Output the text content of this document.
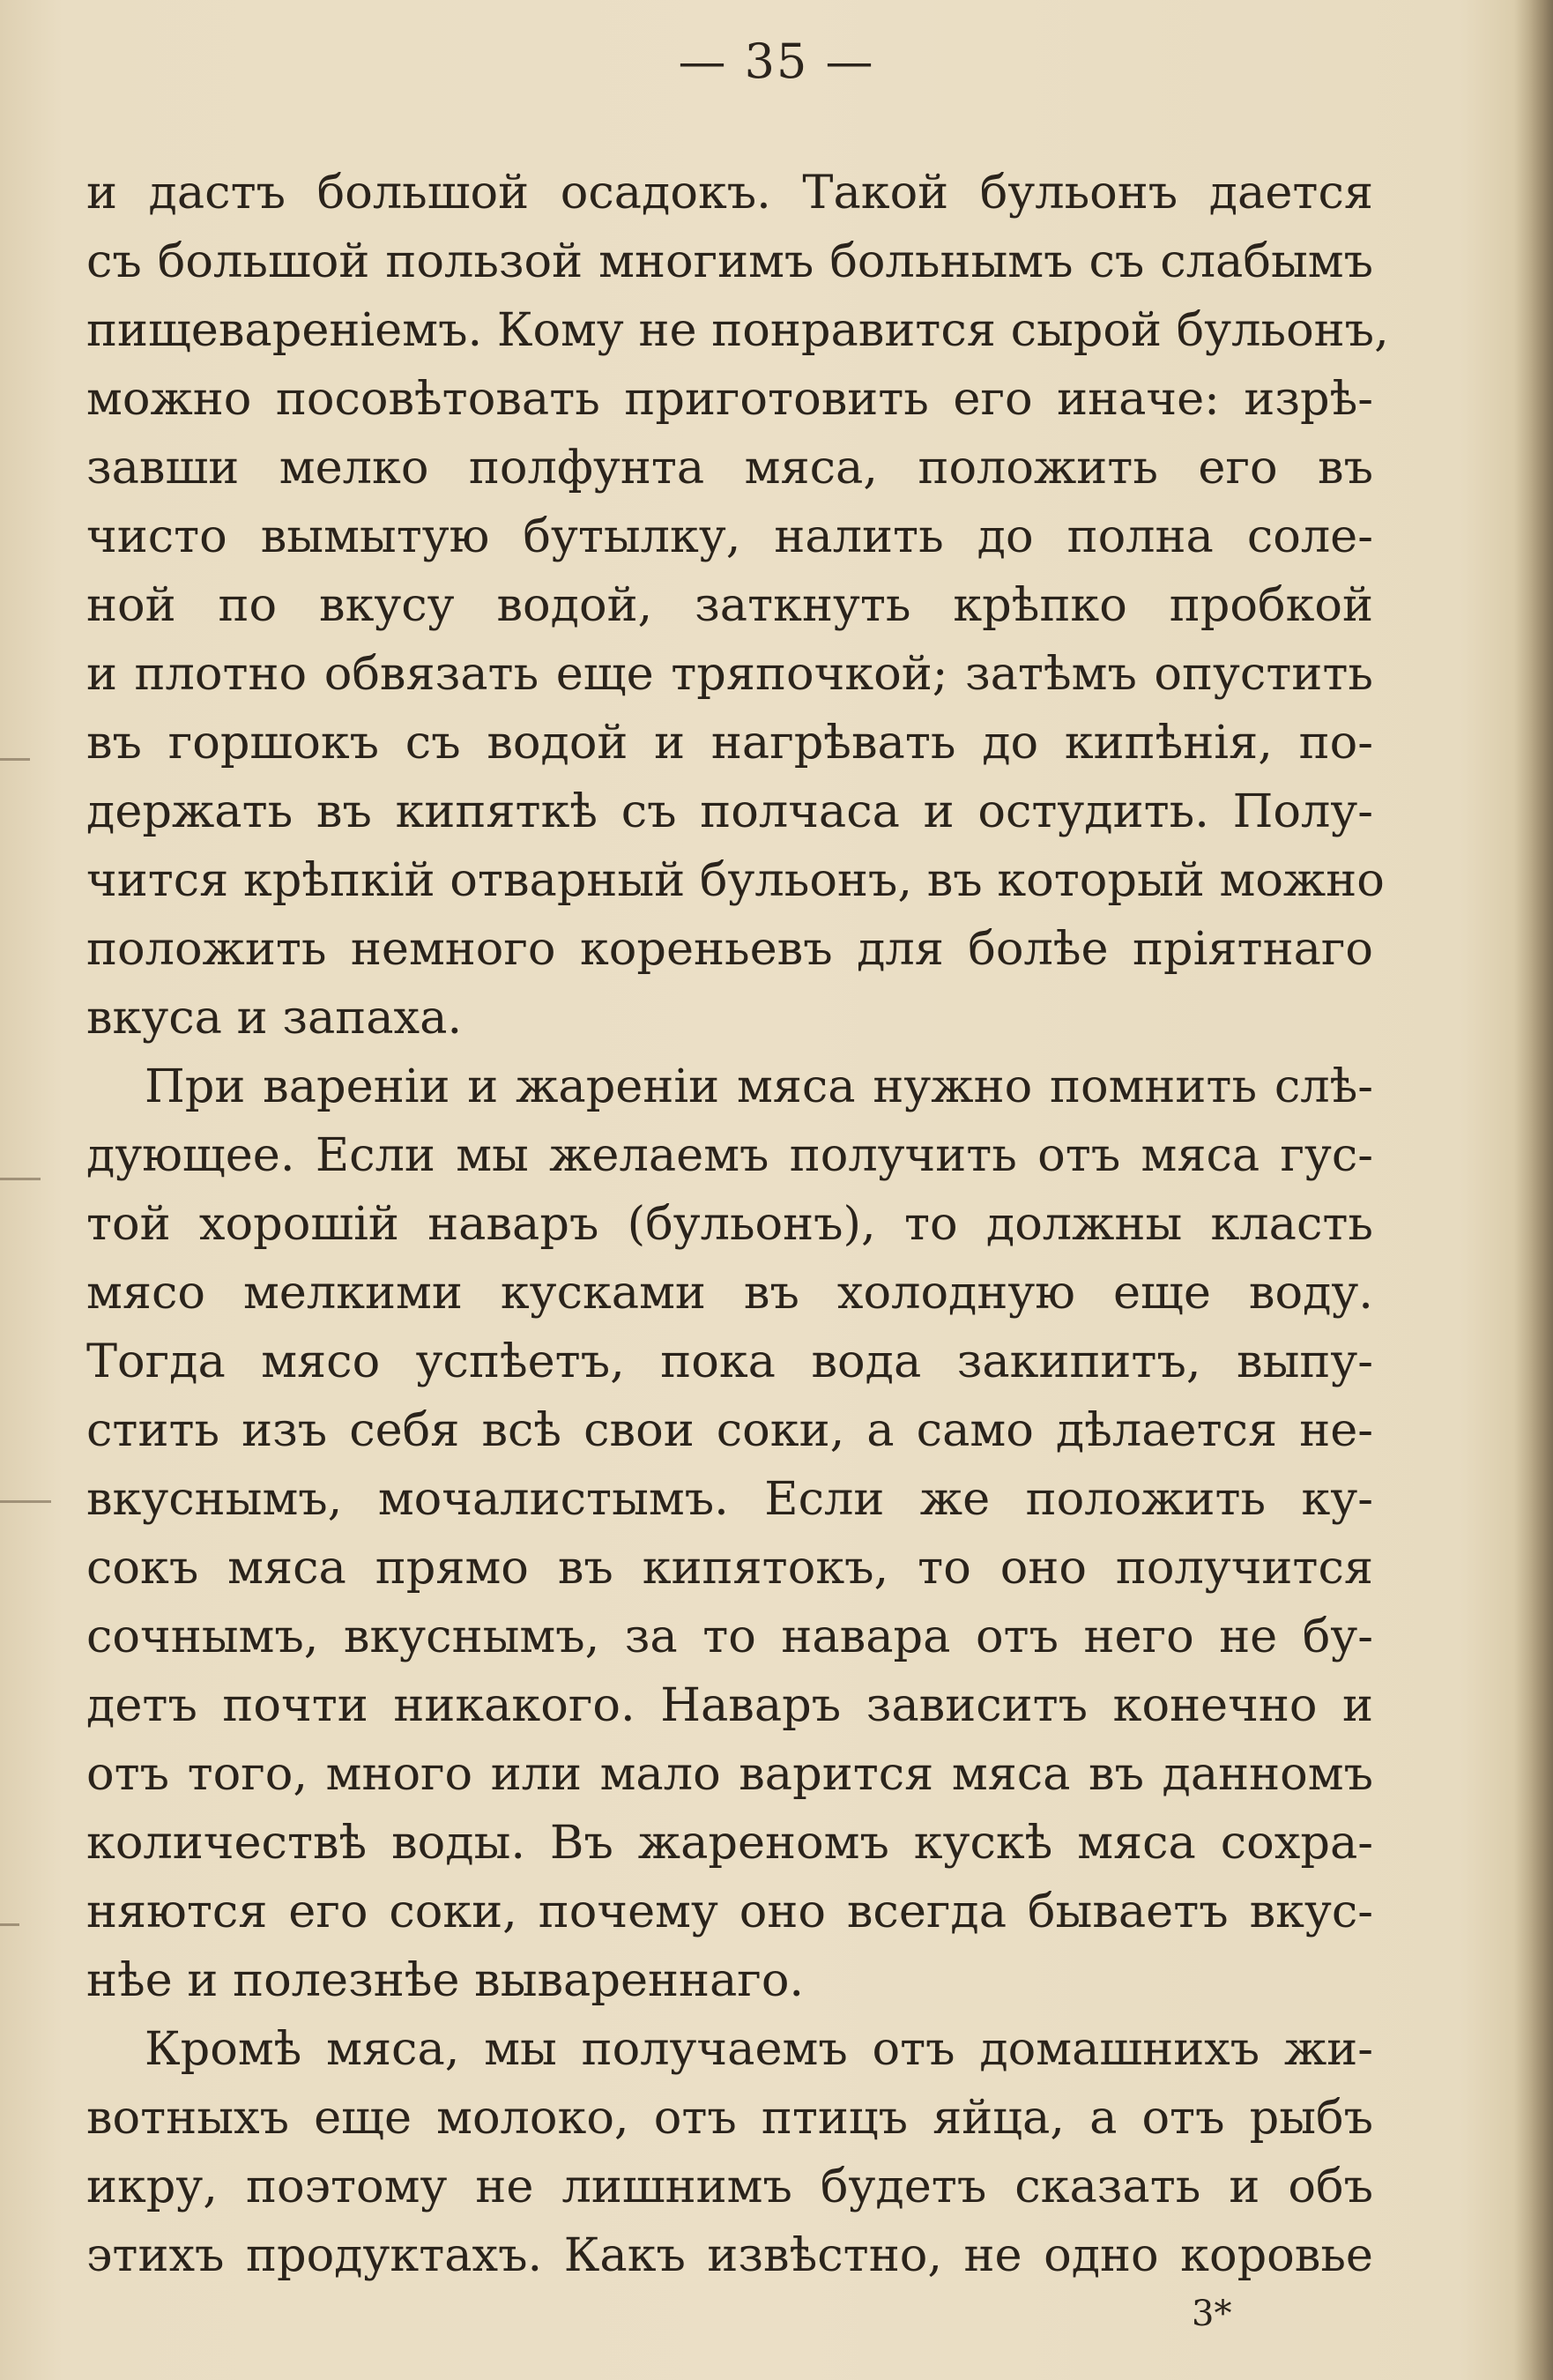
— 35 —
и дастъ большой осадокъ. Такой бульонъ дается
съ большой пользой многимъ больнымъ съ слабымъ
пищевареніемъ. Кому не понравится сырой бульонъ,
можно посовѣтовать приготовить его иначе: изрѣ-
завши мелко полфунта мяса, положить его въ
чисто вымытую бутылку, налить до полна соле-
ной по вкусу водой, заткнуть крѣпко пробкой
и плотно обвязать еще тряпочкой; затѣмъ опустить
въ горшокъ съ водой и нагрѣвать до кипѣнія, по-
держать въ кипяткѣ съ полчаса и остудить. Полу-
чится крѣпкій отварный бульонъ, въ который можно
положить немного кореньевъ для болѣе пріятнаго
вкуса и запаха.
При вареніи и жареніи мяса нужно помнить слѣ-
дующее. Если мы желаемъ получить отъ мяса гус-
той хорошій наваръ (бульонъ), то должны класть
мясо мелкими кусками въ холодную еще воду.
Тогда мясо успѣетъ, пока вода закипитъ, выпу-
стить изъ себя всѣ свои соки, а само дѣлается не-
вкуснымъ, мочалистымъ. Если же положить ку-
сокъ мяса прямо въ кипятокъ, то оно получится
сочнымъ, вкуснымъ, за то навара отъ него не бу-
детъ почти никакого. Наваръ зависитъ конечно и
отъ того, много или мало варится мяса въ данномъ
количествѣ воды. Въ жареномъ кускѣ мяса сохра-
няются его соки, почему оно всегда бываетъ вкус-
нѣе и полезнѣе вывареннаго.
Кромѣ мяса, мы получаемъ отъ домашнихъ жи-
вотныхъ еще молоко, отъ птицъ яйца, а отъ рыбъ
икру, поэтому не лишнимъ будетъ сказать и объ
этихъ продуктахъ. Какъ извѣстно, не одно коровье
3*
